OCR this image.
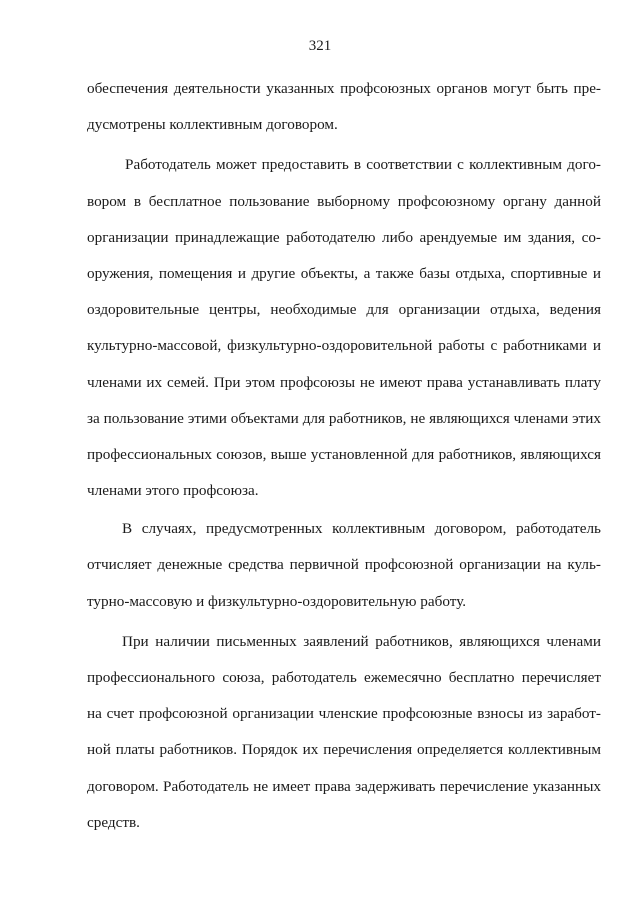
321
обеспечения деятельности указанных профсоюзных органов могут быть пре-
дусмотрены коллективным договором.
Работодатель может предоставить в соответствии с коллективным дого-
вором в бесплатное пользование выборному профсоюзному органу данной
организации принадлежащие работодателю либо арендуемые им здания, со-
оружения, помещения и другие объекты, а также базы отдыха, спортивные и
оздоровительные центры, необходимые для организации отдыха, ведения
культурно-массовой, физкультурно-оздоровительной работы с работниками и
членами их семей. При этом профсоюзы не имеют права устанавливать плату
за пользование этими объектами для работников, не являющихся членами этих
профессиональных союзов, выше установленной для работников, являющихся
членами этого профсоюза.
В случаях, предусмотренных коллективным договором, работодатель
отчисляет денежные средства первичной профсоюзной организации на куль-
турно-массовую и физкультурно-оздоровительную работу.
При наличии письменных заявлений работников, являющихся членами
профессионального союза, работодатель ежемесячно бесплатно перечисляет
на счет профсоюзной организации членские профсоюзные взносы из заработ-
ной платы работников. Порядок их перечисления определяется коллективным
договором. Работодатель не имеет права задерживать перечисление указанных
средств.
